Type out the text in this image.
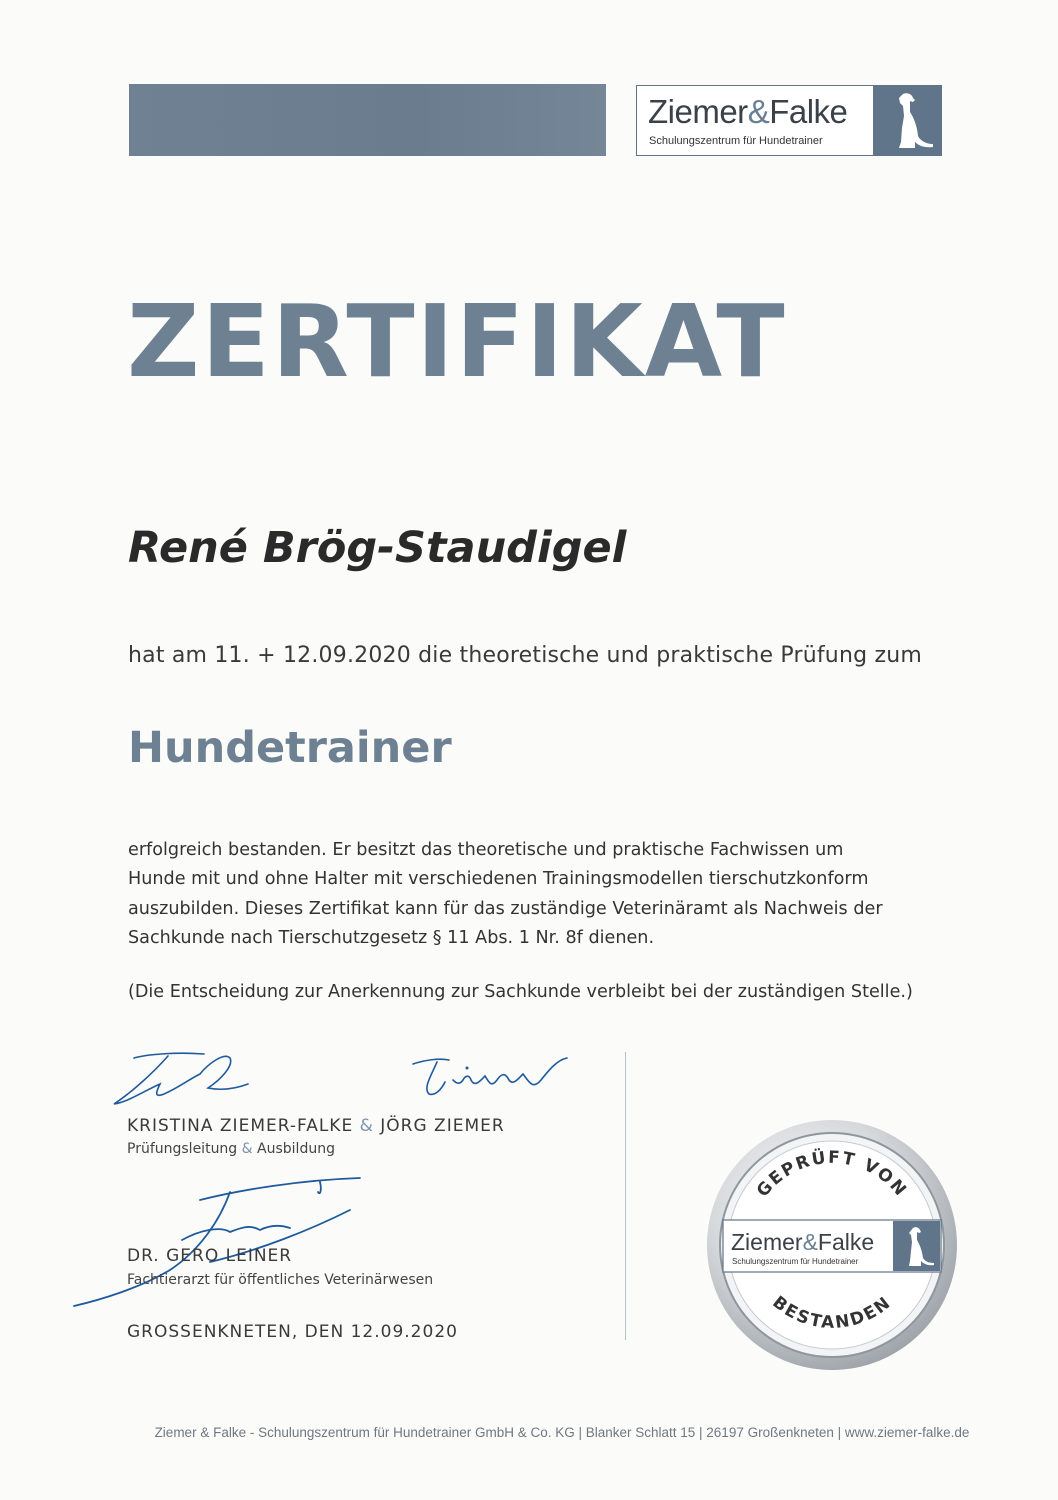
Ziemer&Falke
Schulungszentrum für Hundetrainer
ZERTIFIKAT
René Brög-Staudigel
hat am 11. + 12.09.2020 die theoretische und praktische Prüfung zum
Hundetrainer
erfolgreich bestanden. Er besitzt das theoretische und praktische Fachwissen um
Hunde mit und ohne Halter mit verschiedenen Trainingsmodellen tierschutzkonform
auszubilden. Dieses Zertifikat kann für das zuständige Veterinäramt als Nachweis der
Sachkunde nach Tierschutzgesetz § 11 Abs. 1 Nr. 8f dienen.
(Die Entscheidung zur Anerkennung zur Sachkunde verbleibt bei der zuständigen Stelle.)
KRISTINA ZIEMER-FALKE & JÖRG ZIEMER
Prüfungsleitung & Ausbildung
DR. GERO LEINER
Fachtierarzt für öffentliches Veterinärwesen
GROSSENKNETEN, DEN 12.09.2020
GEPRÜFT VON
BESTANDEN
Ziemer&Falke
Schulungszentrum für Hundetrainer
Ziemer & Falke - Schulungszentrum für Hundetrainer GmbH & Co. KG | Blanker Schlatt 15 | 26197 Großenkneten | www.ziemer-falke.de
